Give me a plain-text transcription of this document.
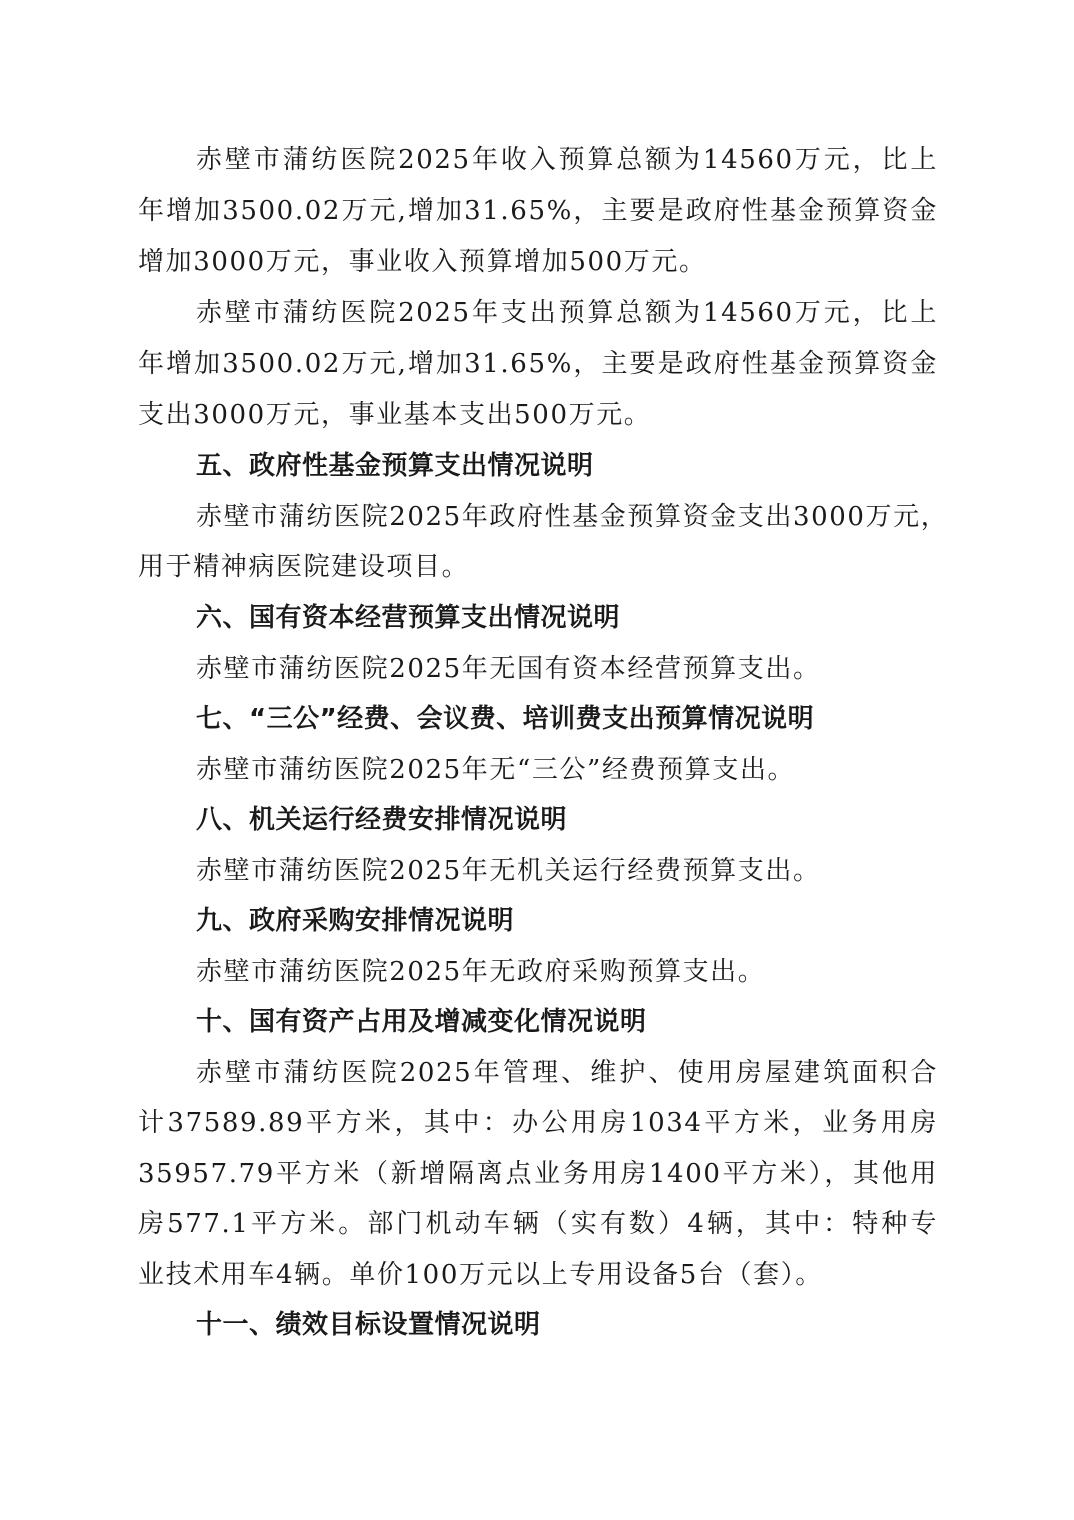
赤壁市蒲纺医院2025年收入预算总额为14560万元，比上
年增加3500.02万元,增加31.65%，主要是政府性基金预算资金
增加3000万元，事业收入预算增加500万元。
赤壁市蒲纺医院2025年支出预算总额为14560万元，比上
年增加3500.02万元,增加31.65%，主要是政府性基金预算资金
支出3000万元，事业基本支出500万元。
五、政府性基金预算支出情况说明
赤壁市蒲纺医院2025年政府性基金预算资金支出3000万元，
用于精神病医院建设项目。
六、国有资本经营预算支出情况说明
赤壁市蒲纺医院2025年无国有资本经营预算支出。
七、“三公”经费、会议费、培训费支出预算情况说明
赤壁市蒲纺医院2025年无“三公”经费预算支出。
八、机关运行经费安排情况说明
赤壁市蒲纺医院2025年无机关运行经费预算支出。
九、政府采购安排情况说明
赤壁市蒲纺医院2025年无政府采购预算支出。
十、国有资产占用及增减变化情况说明
赤壁市蒲纺医院2025年管理、维护、使用房屋建筑面积合
计37589.89平方米，其中：办公用房1034平方米，业务用房
35957.79平方米（新增隔离点业务用房1400平方米），其他用
房577.1平方米。部门机动车辆（实有数）4辆，其中：特种专
业技术用车4辆。单价100万元以上专用设备5台（套）。
十一、绩效目标设置情况说明
